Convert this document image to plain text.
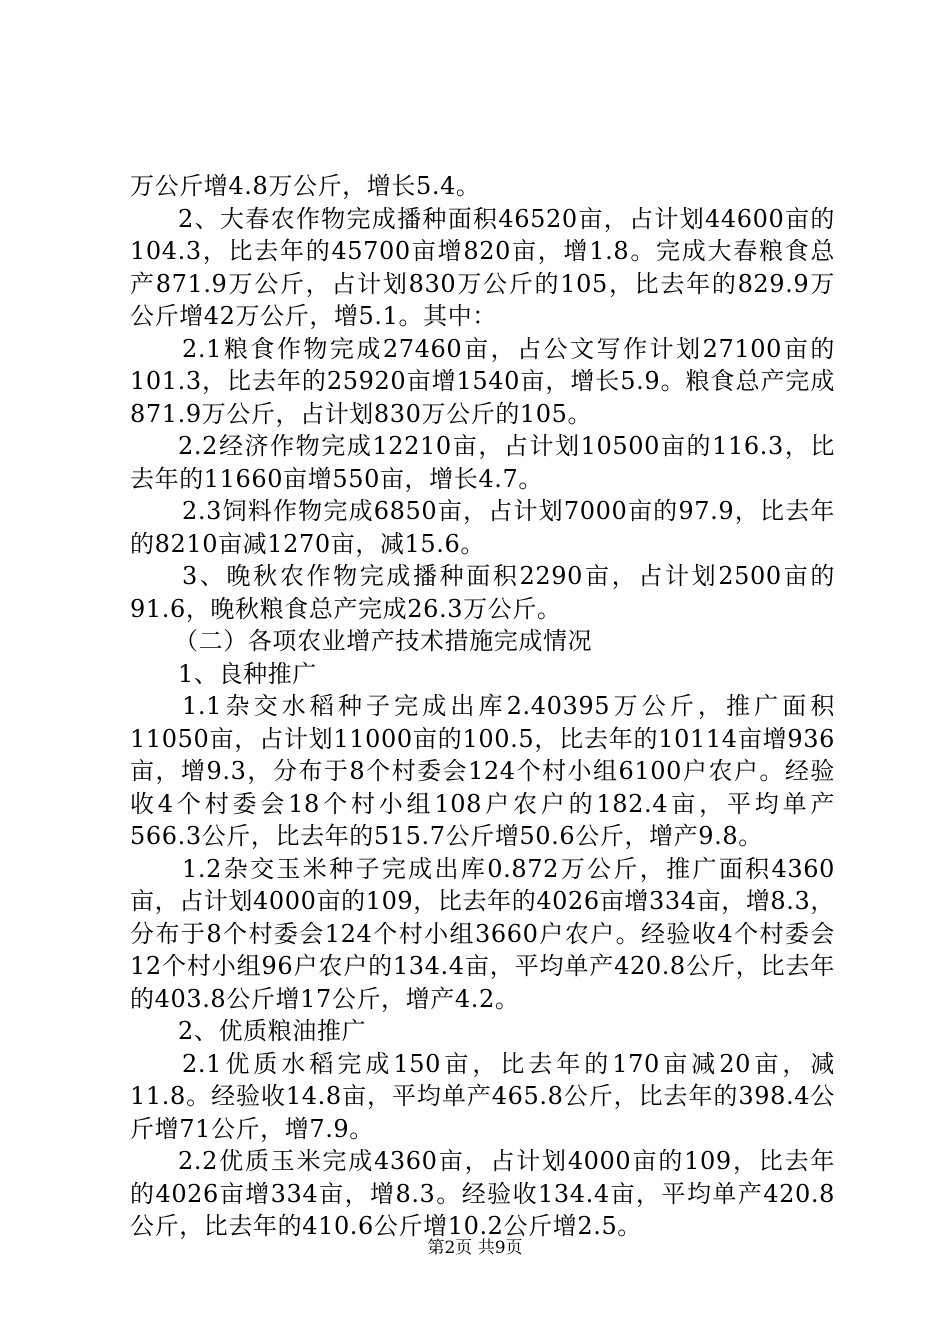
万公斤增4.8万公斤，增长5.4。

2、大春农作物完成播种面积46520亩，占计划44600亩的104.3，比去年的45700亩增820亩，增1.8。完成大春粮食总产871.9万公斤，占计划830万公斤的105，比去年的829.9万公斤增42万公斤，增5.1。其中：

2.1粮食作物完成27460亩，占公文写作计划27100亩的101.3，比去年的25920亩增1540亩，增长5.9。粮食总产完成871.9万公斤，占计划830万公斤的105。

2.2经济作物完成12210亩，占计划10500亩的116.3，比去年的11660亩增550亩，增长4.7。

2.3饲料作物完成6850亩，占计划7000亩的97.9，比去年的8210亩减1270亩，减15.6。

3、晚秋农作物完成播种面积2290亩，占计划2500亩的91.6，晚秋粮食总产完成26.3万公斤。

（二）各项农业增产技术措施完成情况

1、良种推广

1.1杂交水稻种子完成出库2.40395万公斤，推广面积11050亩，占计划11000亩的100.5，比去年的10114亩增936亩，增9.3，分布于8个村委会124个村小组6100户农户。经验收4个村委会18个村小组108户农户的182.4亩，平均单产566.3公斤，比去年的515.7公斤增50.6公斤，增产9.8。

1.2杂交玉米种子完成出库0.872万公斤，推广面积4360亩，占计划4000亩的109，比去年的4026亩增334亩，增8.3，分布于8个村委会124个村小组3660户农户。经验收4个村委会12个村小组96户农户的134.4亩，平均单产420.8公斤，比去年的403.8公斤增17公斤，增产4.2。

2、优质粮油推广

2.1优质水稻完成150亩，比去年的170亩减20亩，减11.8。经验收14.8亩，平均单产465.8公斤，比去年的398.4公斤增71公斤，增7.9。

2.2优质玉米完成4360亩，占计划4000亩的109，比去年的4026亩增334亩，增8.3。经验收134.4亩，平均单产420.8公斤，比去年的410.6公斤增10.2公斤增2.5。

第2页 共9页
